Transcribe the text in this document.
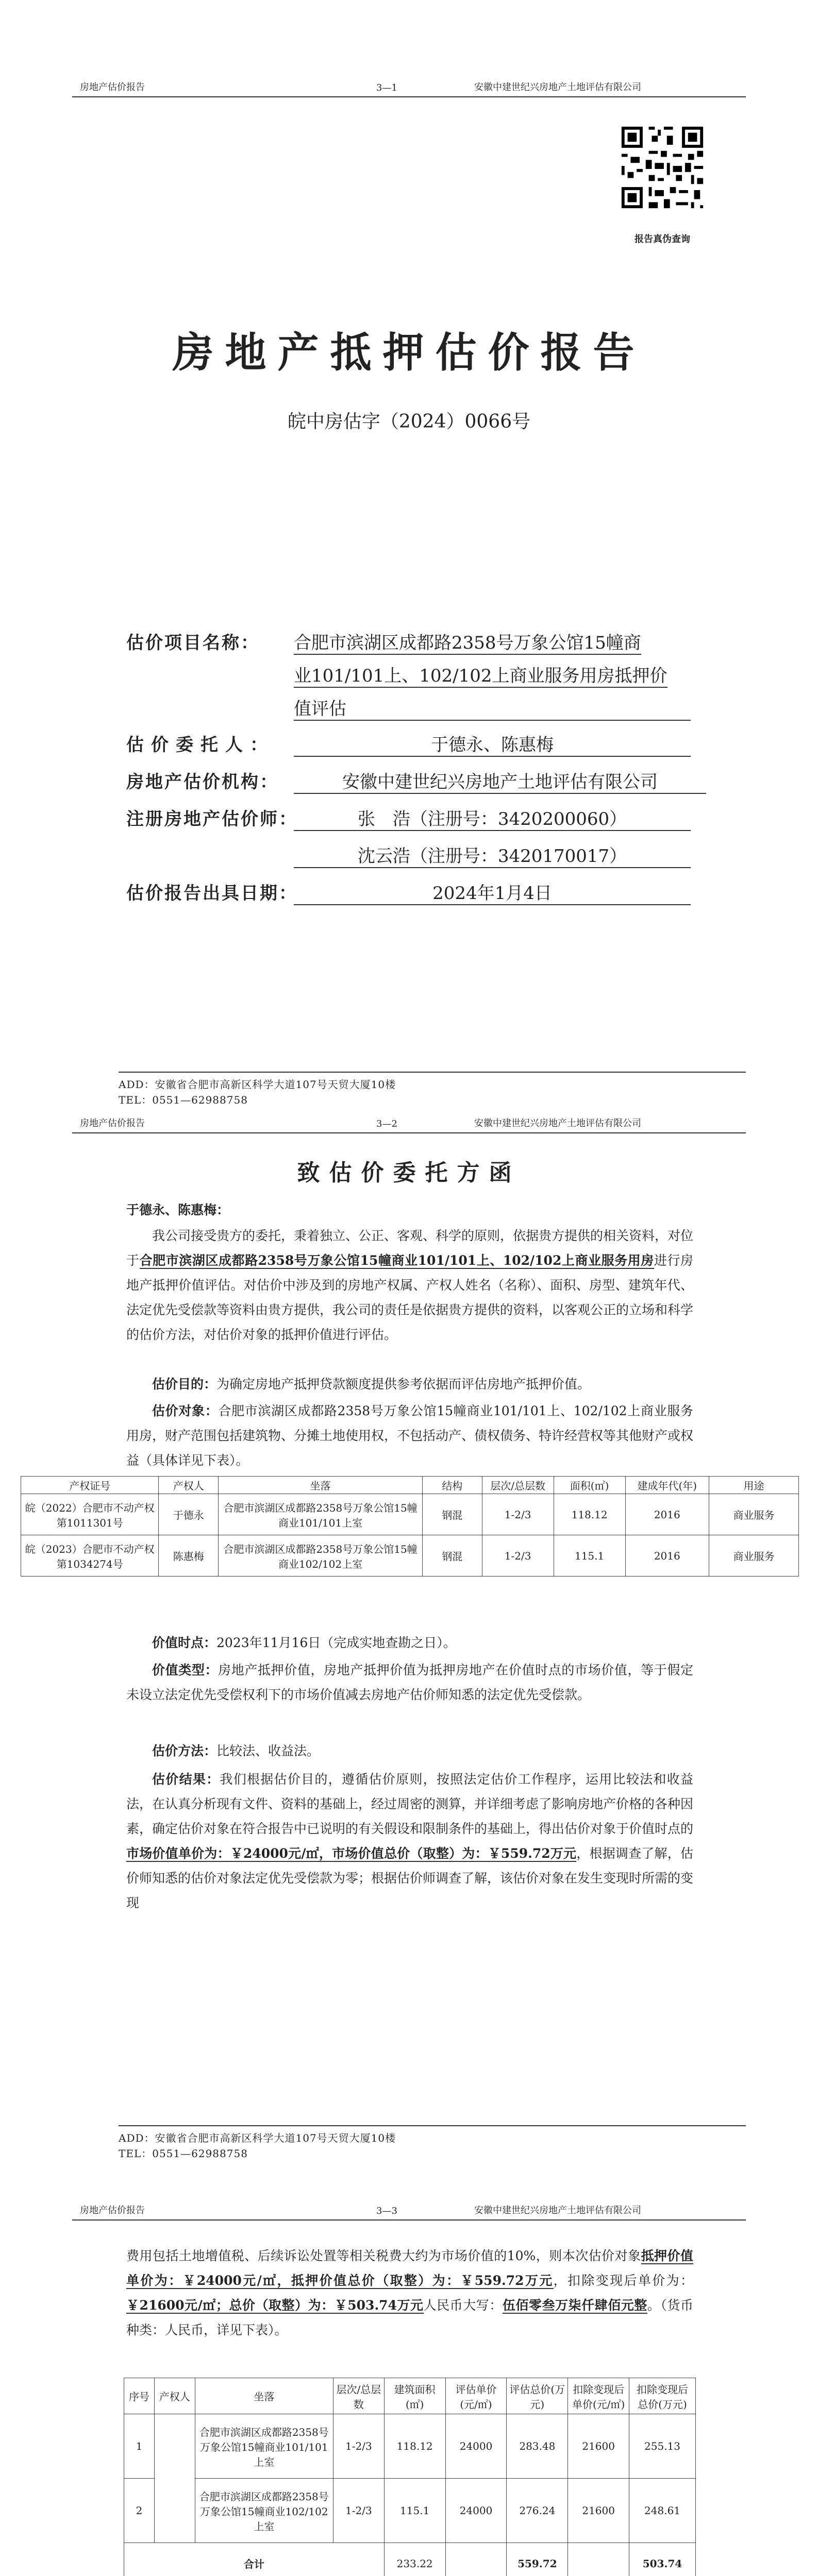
房地产估价报告	3—1	安徽中建世纪兴房地产土地评估有限公司
报告真伪查询
房地产抵押估价报告
皖中房估字（2024）0066号
估价项目名称： 合肥市滨湖区成都路2358号万象公馆15幢商
业101/101上、102/102上商业服务用房抵押价
值评估
估价委托人：	于德永、陈惠梅
房地产估价机构：	安徽中建世纪兴房地产土地评估有限公司
注册房地产估价师：	张　浩（注册号：3420200060）
沈云浩（注册号：3420170017）
估价报告出具日期：	2024年1月4日
ADD：安徽省合肥市高新区科学大道107号天贸大厦10楼
TEL：0551—62988758
房地产估价报告	3—2	安徽中建世纪兴房地产土地评估有限公司
致估价委托方函
于德永、陈惠梅：
我公司接受贵方的委托，秉着独立、公正、客观、科学的原则，依据贵方提供的相关资料，对位于合肥市滨湖区成都路2358号万象公馆15幢商业101/101上、102/102上商业服务用房进行房地产抵押价值评估。对估价中涉及到的房地产权属、产权人姓名（名称）、面积、房型、建筑年代、法定优先受偿款等资料由贵方提供，我公司的责任是依据贵方提供的资料，以客观公正的立场和科学的估价方法，对估价对象的抵押价值进行评估。
估价目的：为确定房地产抵押贷款额度提供参考依据而评估房地产抵押价值。
估价对象：合肥市滨湖区成都路2358号万象公馆15幢商业101/101上、102/102上商业服务用房，财产范围包括建筑物、分摊土地使用权，不包括动产、债权债务、特许经营权等其他财产或权益（具体详见下表）。
产权证号	产权人	坐落	结构	层次/总层数	面积(㎡)	建成年代(年)	用途
皖（2022）合肥市不动产权第1011301号	于德永	合肥市滨湖区成都路2358号万象公馆15幢商业101/101上室	钢混	1-2/3	118.12	2016	商业服务
皖（2023）合肥市不动产权第1034274号	陈惠梅	合肥市滨湖区成都路2358号万象公馆15幢商业102/102上室	钢混	1-2/3	115.1	2016	商业服务
价值时点：2023年11月16日（完成实地查勘之日）。
价值类型：房地产抵押价值，房地产抵押价值为抵押房地产在价值时点的市场价值，等于假定未设立法定优先受偿权利下的市场价值减去房地产估价师知悉的法定优先受偿款。
估价方法：比较法、收益法。
估价结果：我们根据估价目的，遵循估价原则，按照法定估价工作程序，运用比较法和收益法，在认真分析现有文件、资料的基础上，经过周密的测算，并详细考虑了影响房地产价格的各种因素，确定估价对象在符合报告中已说明的有关假设和限制条件的基础上，得出估价对象于价值时点的市场价值单价为：￥24000元/㎡，市场价值总价（取整）为：￥559.72万元，根据调查了解，估价师知悉的估价对象法定优先受偿款为零；根据估价师调查了解，该估价对象在发生变现时所需的变现
ADD：安徽省合肥市高新区科学大道107号天贸大厦10楼
TEL：0551—62988758
房地产估价报告	3—3	安徽中建世纪兴房地产土地评估有限公司
费用包括土地增值税、后续诉讼处置等相关税费大约为市场价值的10%，则本次估价对象抵押价值单价为：￥24000元/㎡，抵押价值总价（取整）为：￥559.72万元，扣除变现后单价为：￥21600元/㎡；总价（取整）为：￥503.74万元人民币大写：伍佰零叁万柒仟肆佰元整。（货币种类：人民币，详见下表）。
序号	产权人	坐落	层次/总层数	建筑面积(㎡)	评估单价(元/㎡)	评估总价(万元)	扣除变现后单价(元/㎡)	扣除变现后总价(万元)
1		合肥市滨湖区成都路2358号万象公馆15幢商业101/101上室	1-2/3	118.12	24000	283.48	21600	255.13
2		合肥市滨湖区成都路2358号万象公馆15幢商业102/102上室	1-2/3	115.1	24000	276.24	21600	248.61
合计				233.22		559.72		503.74
